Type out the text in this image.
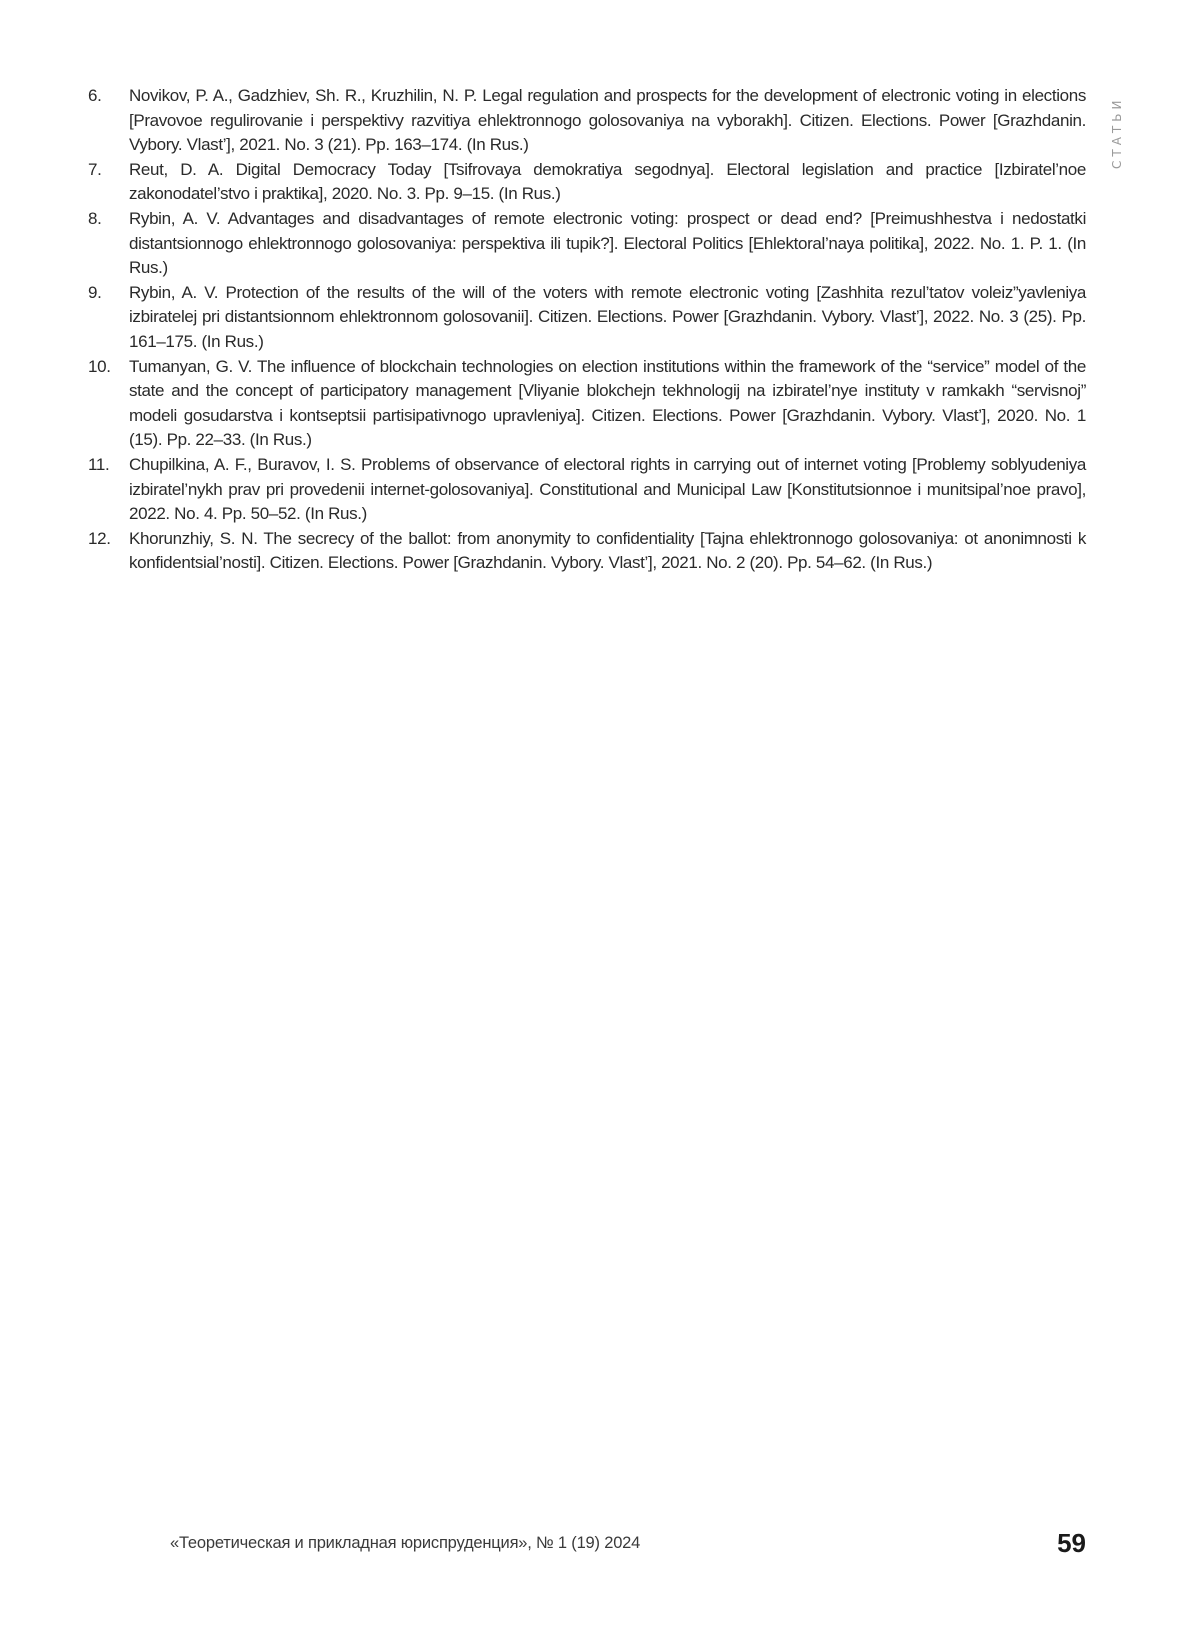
СТАТЬИ
6.	Novikov, P. A., Gadzhiev, Sh. R., Kruzhilin, N. P. Legal regulation and prospects for the development of electronic voting in elections [Pravovoe regulirovanie i perspektivy razvitiya ehlektronnogo golosovaniya na vyborakh]. Citizen. Elections. Power [Grazhdanin. Vybory. Vlast’], 2021. No. 3 (21). Pp. 163–174. (In Rus.)
7.	Reut, D. A. Digital Democracy Today [Tsifrovaya demokratiya segodnya]. Electoral legislation and practice [Izbiratel’noe zakonodatel’stvo i praktika], 2020. No. 3. Pp. 9–15. (In Rus.)
8.	Rybin, A. V. Advantages and disadvantages of remote electronic voting: prospect or dead end? [Preimushhestva i nedostatki distantsionnogo ehlektronnogo golosovaniya: perspektiva ili tupik?]. Electoral Politics [Ehlektoral’naya politika], 2022. No. 1. P. 1. (In Rus.)
9.	Rybin, A. V. Protection of the results of the will of the voters with remote electronic voting [Zashhita rezul’tatov voleiz”yavleniya izbiratelej pri distantsionnom ehlektronnom golosovanii]. Citizen. Elections. Power [Grazhdanin. Vybory. Vlast’], 2022. No. 3 (25). Pp. 161–175. (In Rus.)
10.	Tumanyan, G. V. The influence of blockchain technologies on election institutions within the framework of the “service” model of the state and the concept of participatory management [Vliyanie blokchejn tekhnologij na izbiratel’nye instituty v ramkakh “servisnoj” modeli gosudarstva i kontseptsii partisipativnogo upravleniya]. Citizen. Elections. Power [Grazhdanin. Vybory. Vlast’], 2020. No. 1 (15). Pp. 22–33. (In Rus.)
11.	Chupilkina, A. F., Buravov, I. S. Problems of observance of electoral rights in carrying out of internet voting [Problemy soblyudeniya izbiratel’nykh prav pri provedenii internet-golosovaniya]. Constitutional and Municipal Law [Konstitutsionnoe i munitsipal’noe pravo], 2022. No. 4. Pp. 50–52. (In Rus.)
12.	Khorunzhiy, S. N. The secrecy of the ballot: from anonymity to confidentiality [Tajna ehlektronnogo golosovaniya: ot anonimnosti k konfidentsial’nosti]. Citizen. Elections. Power [Grazhdanin. Vybory. Vlast’], 2021. No. 2 (20). Pp. 54–62. (In Rus.)
«Теоретическая и прикладная юриспруденция», № 1 (19) 2024	59
